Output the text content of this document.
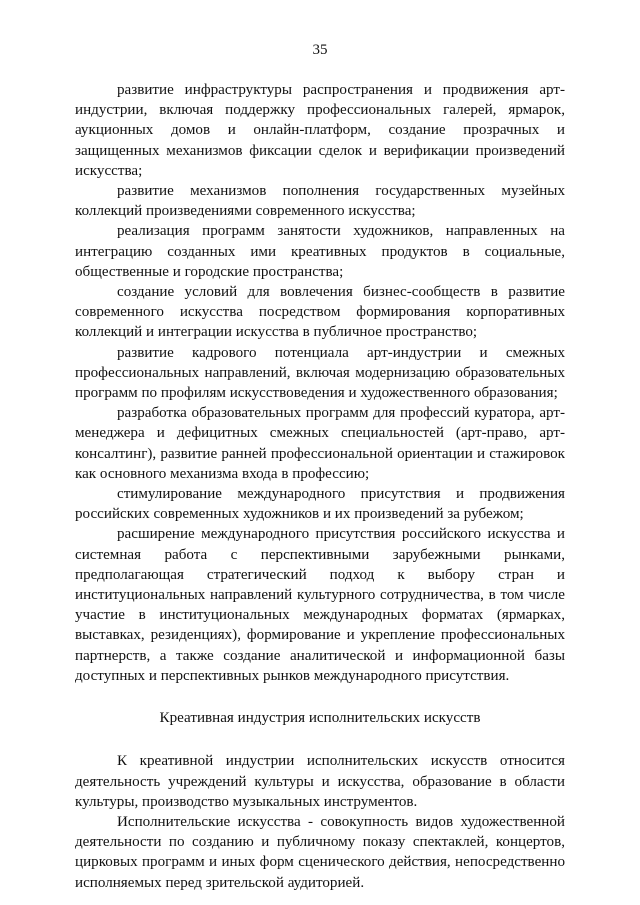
35

развитие инфраструктуры распространения и продвижения арт-индустрии, включая поддержку профессиональных галерей, ярмарок, аукционных домов и онлайн-платформ, создание прозрачных и защищенных механизмов фиксации сделок и верификации произведений искусства;

развитие механизмов пополнения государственных музейных коллекций произведениями современного искусства;

реализация программ занятости художников, направленных на интеграцию созданных ими креативных продуктов в социальные, общественные и городские пространства;

создание условий для вовлечения бизнес-сообществ в развитие современного искусства посредством формирования корпоративных коллекций и интеграции искусства в публичное пространство;

развитие кадрового потенциала арт-индустрии и смежных профессиональных направлений, включая модернизацию образовательных программ по профилям искусствоведения и художественного образования;

разработка образовательных программ для профессий куратора, арт-менеджера и дефицитных смежных специальностей (арт-право, арт-консалтинг), развитие ранней профессиональной ориентации и стажировок как основного механизма входа в профессию;

стимулирование международного присутствия и продвижения российских современных художников и их произведений за рубежом;

расширение международного присутствия российского искусства и системная работа с перспективными зарубежными рынками, предполагающая стратегический подход к выбору стран и институциональных направлений культурного сотрудничества, в том числе участие в институциональных международных форматах (ярмарках, выставках, резиденциях), формирование и укрепление профессиональных партнерств, а также создание аналитической и информационной базы доступных и перспективных рынков международного присутствия.

Креативная индустрия исполнительских искусств

К креативной индустрии исполнительских искусств относится деятельность учреждений культуры и искусства, образование в области культуры, производство музыкальных инструментов.

Исполнительские искусства - совокупность видов художественной деятельности по созданию и публичному показу спектаклей, концертов, цирковых программ и иных форм сценического действия, непосредственно исполняемых перед зрительской аудиторией.
